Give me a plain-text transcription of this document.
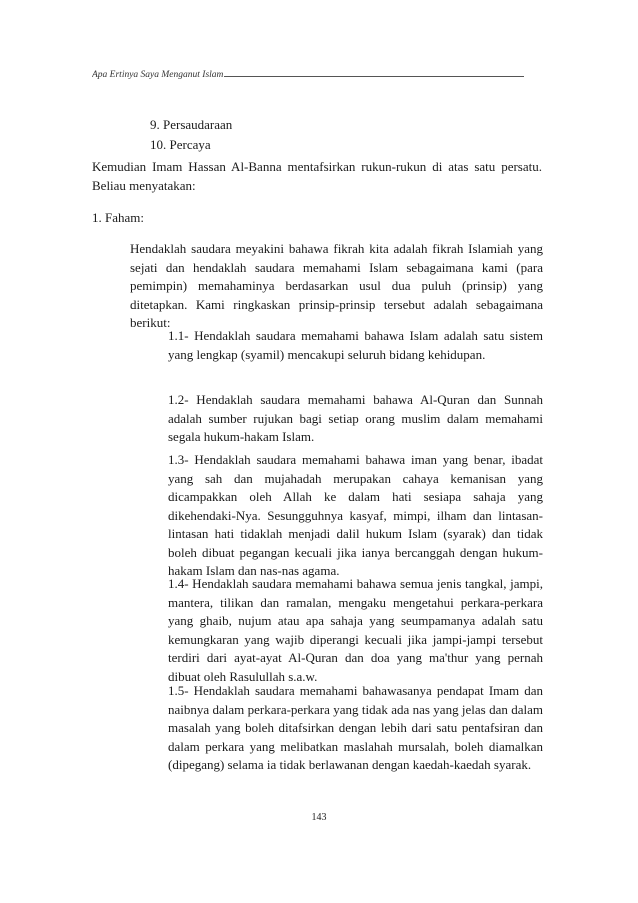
Apa Ertinya Saya Menganut Islam
9. Persaudaraan
10. Percaya

Kemudian Imam Hassan Al-Banna mentafsirkan rukun-rukun di atas satu persatu. Beliau menyatakan:

1. Faham:

Hendaklah saudara meyakini bahawa fikrah kita adalah fikrah Islamiah yang sejati dan hendaklah saudara memahami Islam sebagaimana kami (para pemimpin) memahaminya berdasarkan usul dua puluh (prinsip) yang ditetapkan. Kami ringkaskan prinsip-prinsip tersebut adalah sebagaimana berikut:

1.1- Hendaklah saudara memahami bahawa Islam adalah satu sistem yang lengkap (syamil) mencakupi seluruh bidang kehidupan.

1.2- Hendaklah saudara memahami bahawa Al-Quran dan Sunnah adalah sumber rujukan bagi setiap orang muslim dalam memahami segala hukum-hakam Islam.

1.3- Hendaklah saudara memahami bahawa iman yang benar, ibadat yang sah dan mujahadah merupakan cahaya kemanisan yang dicampakkan oleh Allah ke dalam hati sesiapa sahaja yang dikehendaki-Nya. Sesungguhnya kasyaf, mimpi, ilham dan lintasan-lintasan hati tidaklah menjadi dalil hukum Islam (syarak) dan tidak boleh dibuat pegangan kecuali jika ianya bercanggah dengan hukum-hakam Islam dan nas-nas agama.

1.4- Hendaklah saudara memahami bahawa semua jenis tangkal, jampi, mantera, tilikan dan ramalan, mengaku mengetahui perkara-perkara yang ghaib, nujum atau apa sahaja yang seumpamanya adalah satu kemungkaran yang wajib diperangi kecuali jika jampi-jampi tersebut terdiri dari ayat-ayat Al-Quran dan doa yang ma'thur yang pernah dibuat oleh Rasulullah s.a.w.

1.5- Hendaklah saudara memahami bahawasanya pendapat Imam dan naibnya dalam perkara-perkara yang tidak ada nas yang jelas dan dalam masalah yang boleh ditafsirkan dengan lebih dari satu pentafsiran dan dalam perkara yang melibatkan maslahah mursalah, boleh diamalkan (dipegang) selama ia tidak berlawanan dengan kaedah-kaedah syarak.

143
